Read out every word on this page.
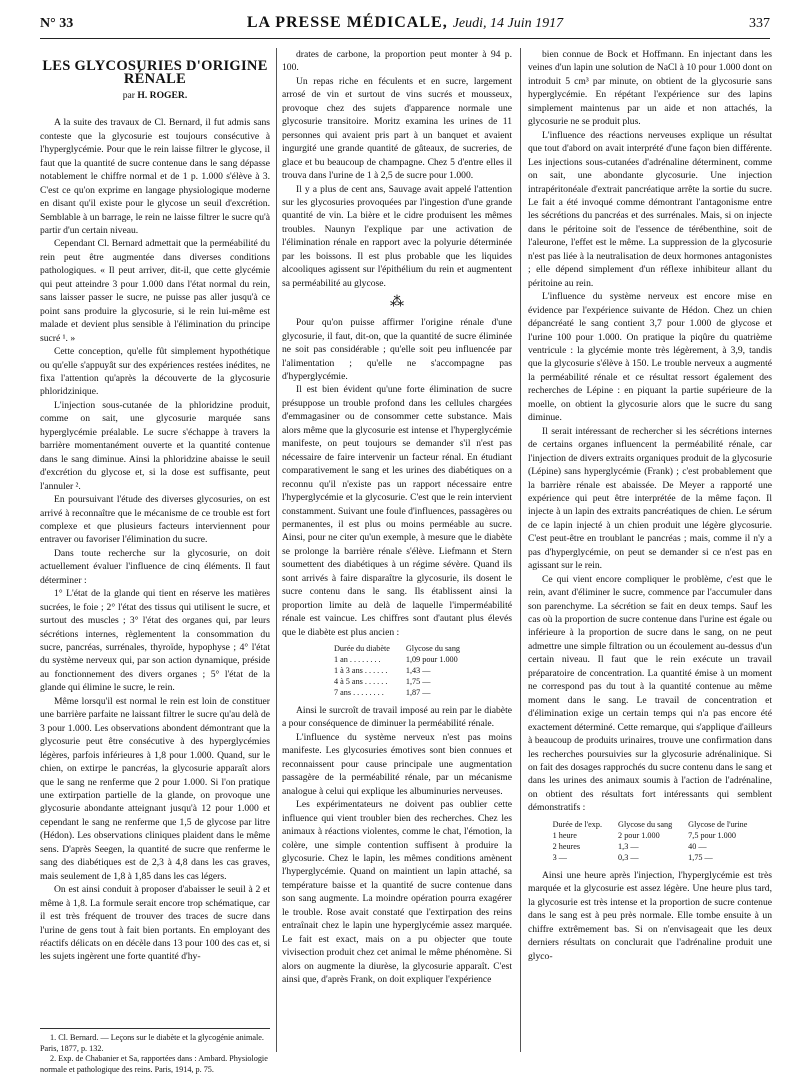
N° 33	LA PRESSE MÉDICALE, Jeudi, 14 Juin 1917	337
LES GLYCOSURIES D'ORIGINE RÉNALE
par H. ROGER.

A la suite des travaux de Cl. Bernard, il fut admis sans conteste que la glycosurie est toujours consécutive à l'hyperglycémie. Pour que le rein laisse filtrer le glycose, il faut que la quantité de sucre contenue dans le sang dépasse notablement le chiffre normal et de 1 p. 1.000 s'élève à 3. C'est ce qu'on exprime en langage physiologique moderne en disant qu'il existe pour le glycose un seuil d'excrétion. Semblable à un barrage, le rein ne laisse filtrer le sucre qu'à partir d'un certain niveau.

Cependant Cl. Bernard admettait que la perméabilité du rein peut être augmentée dans diverses conditions pathologiques. « Il peut arriver, dit-il, que cette glycémie qui peut atteindre 3 pour 1.000 dans l'état normal du rein, sans laisser passer le sucre, ne puisse pas aller jusqu'à ce point sans produire la glycosurie, si le rein lui-même est malade et devient plus sensible à l'élimination du principe sucré ¹. »

Cette conception, qu'elle fût simplement hypothétique ou qu'elle s'appuyât sur des expériences restées inédites, ne fixa l'attention qu'après la découverte de la glycosurie phloridzinique.

L'injection sous-cutanée de la phloridzine produit, comme on sait, une glycosurie marquée sans hyperglycémie préalable. Le sucre s'échappe à travers la barrière momentanément ouverte et la quantité contenue dans le sang diminue. Ainsi la phloridzine abaisse le seuil d'excrétion du glycose et, si la dose est suffisante, peut l'annuler ².

En poursuivant l'étude des diverses glycosuries, on est arrivé à reconnaître que le mécanisme de ce trouble est fort complexe et que plusieurs facteurs interviennent pour entraver ou favoriser l'élimination du sucre.

Dans toute recherche sur la glycosurie, on doit actuellement évaluer l'influence de cinq éléments. Il faut déterminer :

1° L'état de la glande qui tient en réserve les matières sucrées, le foie ; 2° l'état des tissus qui utilisent le sucre, et surtout des muscles ; 3° l'état des organes qui, par leurs sécrétions internes, règlementent la consommation du sucre, pancréas, surrénales, thyroïde, hypophyse ; 4° l'état du système nerveux qui, par son action dynamique, préside au fonctionnement des divers organes ; 5° l'état de la glande qui élimine le sucre, le rein.

Même lorsqu'il est normal le rein est loin de constituer une barrière parfaite ne laissant filtrer le sucre qu'au delà de 3 pour 1.000. Les observations abondent démontrant que la glycosurie peut être consécutive à des hyperglycémies légères, parfois inférieures à 1,8 pour 1.000. Quand, sur le chien, on extirpe le pancréas, la glycosurie apparaît alors que le sang ne renferme que 2 pour 1.000. Si l'on pratique une extirpation partielle de la glande, on provoque une glycosurie abondante atteignant jusqu'à 12 pour 1.000 et cependant le sang ne renferme que 1,5 de glycose par litre (Hédon). Les observations cliniques plaident dans le même sens. D'après Seegen, la quantité de sucre que renferme le sang des diabétiques est de 2,3 à 4,8 dans les cas graves, mais seulement de 1,8 à 1,85 dans les cas légers.

On est ainsi conduit à proposer d'abaisser le seuil à 2 et même à 1,8. La formule serait encore trop schématique, car il est très fréquent de trouver des traces de sucre dans l'urine de gens tout à fait bien portants. En employant des réactifs délicats on en décèle dans 13 pour 100 des cas et, si les sujets ingèrent une forte quantité d'hy-

1. Cl. Bernard. — Leçons sur le diabète et la glycogénie animale. Paris, 1877, p. 132.
2. Exp. de Chabanier et Sa, rapportées dans : Ambard. Physiologie normale et pathologique des reins. Paris, 1914, p. 75.

drates de carbone, la proportion peut monter à 94 p. 100.

Un repas riche en féculents et en sucre, largement arrosé de vin et surtout de vins sucrés et mousseux, provoque chez des sujets d'apparence normale une glycosurie transitoire. Moritz examina les urines de 11 personnes qui avaient pris part à un banquet et avaient ingurgité une grande quantité de gâteaux, de sucreries, de glace et bu beaucoup de champagne. Chez 5 d'entre elles il trouva dans l'urine de 1 à 2,5 de sucre pour 1.000.

Il y a plus de cent ans, Sauvage avait appelé l'attention sur les glycosuries provoquées par l'ingestion d'une grande quantité de vin. La bière et le cidre produisent les mêmes troubles. Naunyn l'explique par une activation de l'élimination rénale en rapport avec la polyurie déterminée par les boissons. Il est plus probable que les liquides alcooliques agissent sur l'épithélium du rein et augmentent sa perméabilité au glycose.

⁂

Pour qu'on puisse affirmer l'origine rénale d'une glycosurie, il faut, dit-on, que la quantité de sucre éliminée ne soit pas considérable ; qu'elle soit peu influencée par l'alimentation ; qu'elle ne s'accompagne pas d'hyperglycémie.

Il est bien évident qu'une forte élimination de sucre présuppose un trouble profond dans les cellules chargées d'emmagasiner ou de consommer cette substance. Mais alors même que la glycosurie est intense et l'hyperglycémie manifeste, on peut toujours se demander s'il n'est pas nécessaire de faire intervenir un facteur rénal. En étudiant comparativement le sang et les urines des diabétiques on a reconnu qu'il n'existe pas un rapport nécessaire entre l'hyperglycémie et la glycosurie. C'est que le rein intervient constamment. Suivant une foule d'influences, passagères ou permanentes, il est plus ou moins perméable au sucre. Ainsi, pour ne citer qu'un exemple, à mesure que le diabète se prolonge la barrière rénale s'élève. Liefmann et Stern soumettent des diabétiques à un régime sévère. Quand ils sont arrivés à faire disparaître la glycosurie, ils dosent le sucre contenu dans le sang. Ils établissent ainsi la proportion limite au delà de laquelle l'imperméabilité rénale est vaincue. Les chiffres sont d'autant plus élevés que le diabète est plus ancien :

Durée du diabète	Glycose du sang
1 an . . . . . . . .	1,09 pour 1.000
1 à 3 ans . . . . . .	1,43 —
4 à 5 ans . . . . . .	1,75 —
7 ans . . . . . . . .	1,87 —

Ainsi le surcroît de travail imposé au rein par le diabète a pour conséquence de diminuer la perméabilité rénale.

L'influence du système nerveux n'est pas moins manifeste. Les glycosuries émotives sont bien connues et reconnaissent pour cause principale une augmentation passagère de la perméabilité rénale, par un mécanisme analogue à celui qui explique les albuminuries nerveuses.

Les expérimentateurs ne doivent pas oublier cette influence qui vient troubler bien des recherches. Chez les animaux à réactions violentes, comme le chat, l'émotion, la colère, une simple contention suffisent à produire la glycosurie. Chez le lapin, les mêmes conditions amènent l'hyperglycémie. Quand on maintient un lapin attaché, sa température baisse et la quantité de sucre contenue dans son sang augmente. La moindre opération pourra exagérer le trouble. Rose avait constaté que l'extirpation des reins entraînait chez le lapin une hyperglycémie assez marquée. Le fait est exact, mais on a pu objecter que toute vivisection produit chez cet animal le même phénomène. Si alors on augmente la diurèse, la glycosurie apparaît. C'est ainsi que, d'après Frank, on doit expliquer l'expérience

bien connue de Bock et Hoffmann. En injectant dans les veines d'un lapin une solution de NaCl à 10 pour 1.000 dont on introduit 5 cm³ par minute, on obtient de la glycosurie sans hyperglycémie. En répétant l'expérience sur des lapins simplement maintenus par un aide et non attachés, la glycosurie ne se produit plus.

L'influence des réactions nerveuses explique un résultat que tout d'abord on avait interprété d'une façon bien différente. Les injections sous-cutanées d'adrénaline déterminent, comme on sait, une abondante glycosurie. Une injection intrapéritonéale d'extrait pancréatique arrête la sortie du sucre. Le fait a été invoqué comme démontrant l'antagonisme entre les sécrétions du pancréas et des surrénales. Mais, si on injecte dans le péritoine soit de l'essence de térébenthine, soit de l'aleurone, l'effet est le même. La suppression de la glycosurie n'est pas liée à la neutralisation de deux hormones antagonistes ; elle dépend simplement d'un réflexe inhibiteur allant du péritoine au rein.

L'influence du système nerveux est encore mise en évidence par l'expérience suivante de Hédon. Chez un chien dépancréaté le sang contient 3,7 pour 1.000 de glycose et l'urine 100 pour 1.000. On pratique la piqûre du quatrième ventricule : la glycémie monte très légèrement, à 3,9, tandis que la glycosurie s'élève à 150. Le trouble nerveux a augmenté la perméabilité rénale et ce résultat ressort également des recherches de Lépine : en piquant la partie supérieure de la moelle, on obtient la glycosurie alors que le sucre du sang diminue.

Il serait intéressant de rechercher si les sécrétions internes de certains organes influencent la perméabilité rénale, car l'injection de divers extraits organiques produit de la glycosurie (Lépine) sans hyperglycémie (Frank) ; c'est probablement que la barrière rénale est abaissée. De Meyer a rapporté une expérience qui peut être interprétée de la même façon. Il injecte à un lapin des extraits pancréatiques de chien. Le sérum de ce lapin injecté à un chien produit une légère glycosurie. C'est peut-être en troublant le pancréas ; mais, comme il n'y a pas d'hyperglycémie, on peut se demander si ce n'est pas en agissant sur le rein.

Ce qui vient encore compliquer le problème, c'est que le rein, avant d'éliminer le sucre, commence par l'accumuler dans son parenchyme. La sécrétion se fait en deux temps. Sauf les cas où la proportion de sucre contenue dans l'urine est égale ou inférieure à la proportion de sucre dans le sang, on ne peut admettre une simple filtration ou un écoulement au-dessus d'un certain niveau. Il faut que le rein exécute un travail préparatoire de concentration. La quantité émise à un moment ne correspond pas du tout à la quantité contenue au même moment dans le sang. Le travail de concentration et d'élimination exige un certain temps qui n'a pas encore été exactement déterminé. Cette remarque, qui s'applique d'ailleurs à beaucoup de produits urinaires, trouve une confirmation dans les recherches poursuivies sur la glycosurie adrénalinique. Si on fait des dosages rapprochés du sucre contenu dans le sang et dans les urines des animaux soumis à l'action de l'adrénaline, on obtient des résultats fort intéressants qui semblent démonstratifs :

Durée de l'exp.	Glycose du sang	Glycose de l'urine
1 heure	2 pour 1.000	7,5 pour 1.000
2 heures	1,3 —	40 —
3 —	0,3 —	1,75 —

Ainsi une heure après l'injection, l'hyperglycémie est très marquée et la glycosurie est assez légère. Une heure plus tard, la glycosurie est très intense et la proportion de sucre contenue dans le sang est à peu près normale. Elle tombe ensuite à un chiffre extrêmement bas. Si on n'envisageait que les deux derniers résultats on conclurait que l'adrénaline produit une glyco-
